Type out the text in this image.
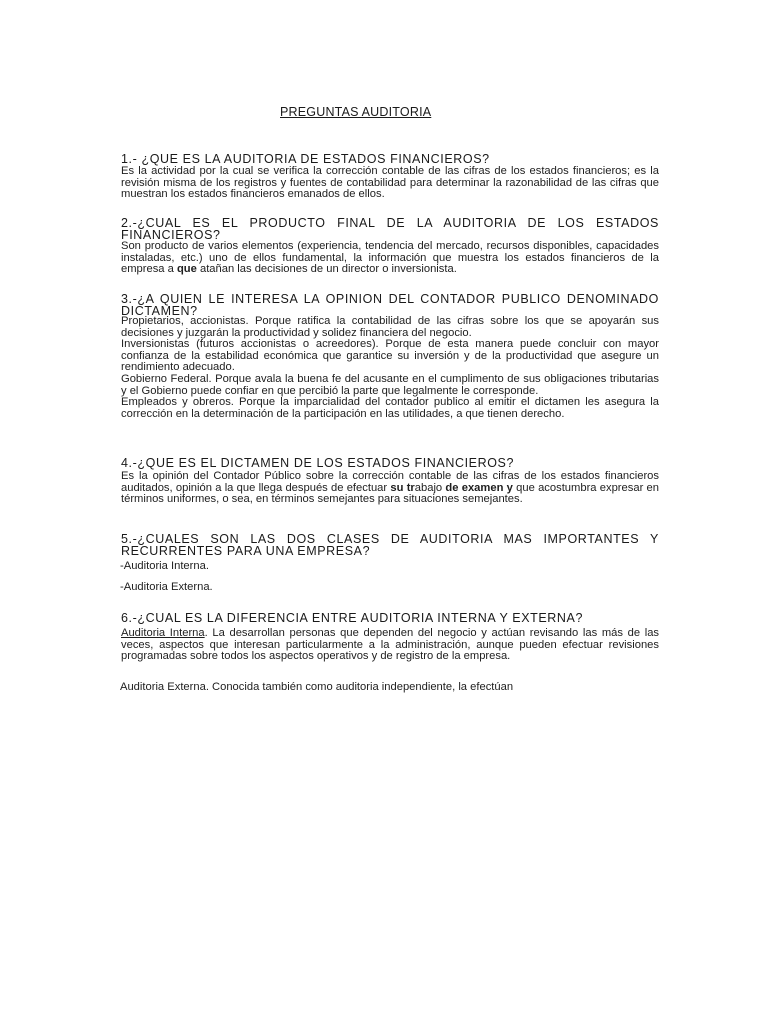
PREGUNTAS AUDITORIA
1.- ¿QUE ES LA AUDITORIA DE ESTADOS FINANCIEROS?
Es la actividad por la cual se verifica la corrección contable de las cifras de los estados financieros; es la revisión misma de los registros y fuentes de contabilidad para determinar la razonabilidad de las cifras que muestran los estados financieros emanados de ellos.
2.-¿CUAL ES EL PRODUCTO FINAL DE LA AUDITORIA DE LOS ESTADOS FINANCIEROS?
Son producto de varios elementos (experiencia, tendencia del mercado, recursos disponibles, capacidades instaladas, etc.) uno de ellos fundamental, la información que muestra los estados financieros de la empresa a que atañan las decisiones de un director o inversionista.
3.-¿A QUIEN LE INTERESA LA OPINION DEL CONTADOR PUBLICO DENOMINADO DICTAMEN?

Propietarios, accionistas. Porque ratifica la contabilidad de las cifras sobre los que se apoyarán sus decisiones y juzgarán la productividad y solidez financiera del negocio.

Inversionistas (futuros accionistas o acreedores). Porque de esta manera puede concluir con mayor confianza de la estabilidad económica que garantice su inversión y de la productividad que asegure un rendimiento adecuado.

Gobierno Federal. Porque avala la buena fe del acusante en el cumplimento de sus obligaciones tributarias y el Gobierno puede confiar en que percibió la parte que legalmente le corresponde.

Empleados y obreros. Porque la imparcialidad del contador publico al emitir el dictamen les asegura la corrección en la determinación de la participación en las utilidades, a que tienen derecho.

4.-¿QUE ES EL DICTAMEN DE LOS ESTADOS FINANCIEROS?
Es la opinión del Contador Público sobre la corrección contable de las cifras de los estados financieros auditados, opinión a la que llega después de efectuar su trabajo de examen y que acostumbra expresar en términos uniformes, o sea, en términos semejantes para situaciones semejantes.
5.-¿CUALES SON LAS DOS CLASES DE AUDITORIA MAS IMPORTANTES Y RECURRENTES PARA UNA EMPRESA?
-Auditoria Interna.
-Auditoria Externa.
6.-¿CUAL ES LA DIFERENCIA ENTRE AUDITORIA INTERNA Y EXTERNA?
Auditoria Interna. La desarrollan personas que dependen del negocio y actúan revisando las más de las veces, aspectos que interesan particularmente a la administración, aunque pueden efectuar revisiones programadas sobre todos los aspectos operativos y de registro de la empresa.
Auditoria Externa. Conocida también como auditoria independiente, la efectúan
